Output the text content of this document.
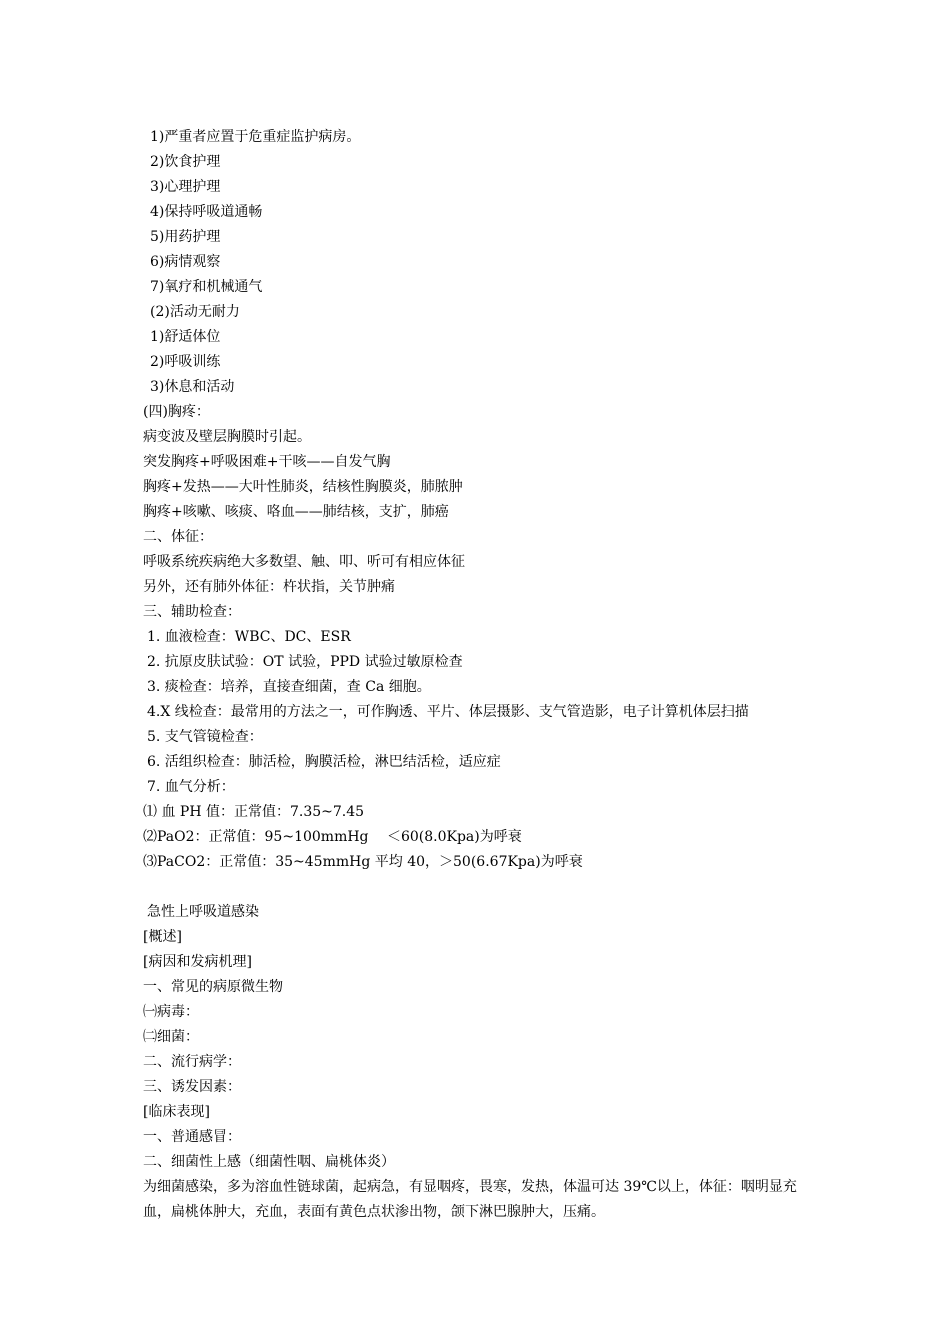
1)严重者应置于危重症监护病房。
2)饮食护理
3)心理护理
4)保持呼吸道通畅
5)用药护理
6)病情观察
7)氧疗和机械通气
(2)活动无耐力
1)舒适体位
2)呼吸训练
3)休息和活动
(四)胸疼：
病变波及壁层胸膜时引起。
突发胸疼+呼吸困难+干咳——自发气胸
胸疼+发热——大叶性肺炎，结核性胸膜炎，肺脓肿
胸疼+咳嗽、咳痰、咯血——肺结核，支扩，肺癌
二、体征：
呼吸系统疾病绝大多数望、触、叩、听可有相应体征
另外，还有肺外体征：杵状指，关节肿痛
三、辅助检查：
1. 血液检查：WBC、DC、ESR
2. 抗原皮肤试验：OT 试验，PPD 试验过敏原检查
3. 痰检查：培养，直接查细菌，查 Ca 细胞。
4.X 线检查：最常用的方法之一，可作胸透、平片、体层摄影、支气管造影，电子计算机体层扫描
5. 支气管镜检查：
6. 活组织检查：肺活检，胸膜活检，淋巴结活检，适应症
7. 血气分析：
⑴ 血 PH 值：正常值：7.35~7.45
⑵PaO2：正常值：95~100mmHg　 ＜60(8.0Kpa)为呼衰
⑶PaCO2：正常值：35~45mmHg 平均 40，＞50(6.67Kpa)为呼衰
急性上呼吸道感染
[概述]
[病因和发病机理]
一、常见的病原微生物
㈠病毒：
㈡细菌：
二、流行病学：
三、诱发因素：
[临床表现]
一、普通感冒：
二、细菌性上感（细菌性咽、扁桃体炎）
为细菌感染，多为溶血性链球菌，起病急，有显咽疼，畏寒，发热，体温可达 39℃以上，体征：咽明显充
血，扁桃体肿大，充血，表面有黄色点状渗出物，颌下淋巴腺肿大，压痛。
